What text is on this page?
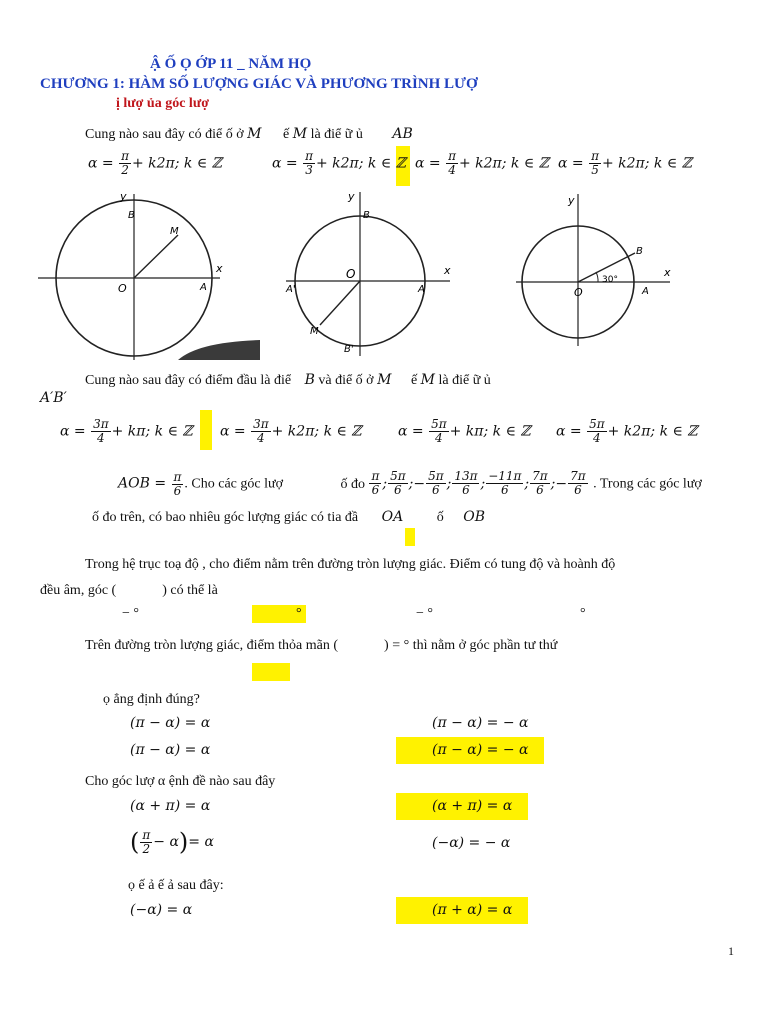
Ậ Ố Ọ ỚP 11 _ NĂM HỌ
CHƯƠNG 1: HÀM SỐ LƯỢNG GIÁC VÀ PHƯƠNG TRÌNH LƯỢ
ị lượ ủa góc lượ
Cung nào sau đây có điể ố ở M ế M là điể ữ ủ AB
$\alpha = \frac{\pi}{2} + k2\pi$; k ∈ ℤ	$\alpha = \frac{\pi}{3} + k2\pi$; k ∈ ℤ $\alpha = \frac{\pi}{4} + k2\pi$; k ∈ ℤ $\alpha = \frac{\pi}{5} + k2\pi$; k ∈ ℤ
y
x
B
M
O	A
y
x
B
O
A
A'
B'
M
y
x
B
30°
O	A
Cung nào sau đây có điểm đầu là điể B và điể ố ở M ế M là điể ữ ủ
A′B′
$\alpha = \frac{3\pi}{4} + k\pi$; k ∈ ℤ $\alpha = \frac{3\pi}{4} + k2\pi$; k ∈ ℤ	$\alpha = \frac{5\pi}{4} + k\pi$; k ∈ ℤ $\alpha = \frac{5\pi}{4} + k2\pi$; k ∈ ℤ
AOB = $\frac{\pi}{6}$ . Cho các góc lượ	ố đo $\frac{\pi}{6}$ ; $\frac{5\pi}{6}$ ;− $\frac{5\pi}{6}$ ; $\frac{13\pi}{6}$ ; $\frac{-11\pi}{6}$ ; $\frac{7\pi}{6}$ ;− $\frac{7\pi}{6}$ . Trong các góc lượ
ố đo trên, có bao nhiêu góc lượng giác có tia đầ OA ố OB
Trong hệ trục toạ độ , cho điểm nằm trên đường tròn lượng giác. Điểm có tung độ và hoành độ
đều âm, góc (	) có thể là
− °	°	− °	°
Trên đường tròn lượng giác, điểm thỏa mãn (	) = ° thì nằm ở góc phần tư thứ
ọ ẳng định đúng?
(π − α) = α	(π − α) = − α
(π − α) = α	(π − α) = − α
Cho góc lượ α ệnh đề nào sau đây
(α + π) = α	(α + π) = α
( $\frac{\pi}{2} - \alpha)= \alpha$	(−α) = − α
ọ ế ả ế ả sau đây:
(−α) = α	(π + α) = α
1
